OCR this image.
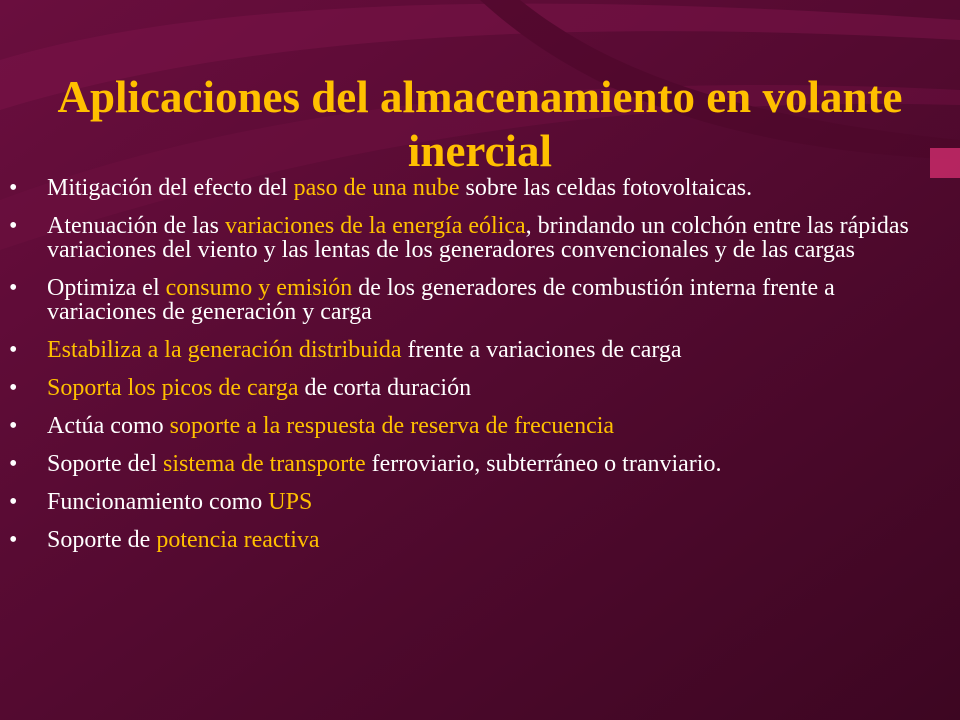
Aplicaciones del almacenamiento en volante inercial
• Mitigación del efecto del paso de una nube sobre las celdas fotovoltaicas.
• Atenuación de las variaciones de la energía eólica, brindando un colchón entre las rápidas variaciones del viento y las lentas de los generadores convencionales y de las cargas
• Optimiza el consumo y emisión de los generadores de combustión interna frente a variaciones de generación y carga
• Estabiliza a la generación distribuida frente a variaciones de carga
• Soporta los picos de carga de corta duración
• Actúa como soporte a la respuesta de reserva de frecuencia
• Soporte del sistema de transporte ferroviario, subterráneo o tranviario.
• Funcionamiento como UPS
• Soporte de potencia reactiva
